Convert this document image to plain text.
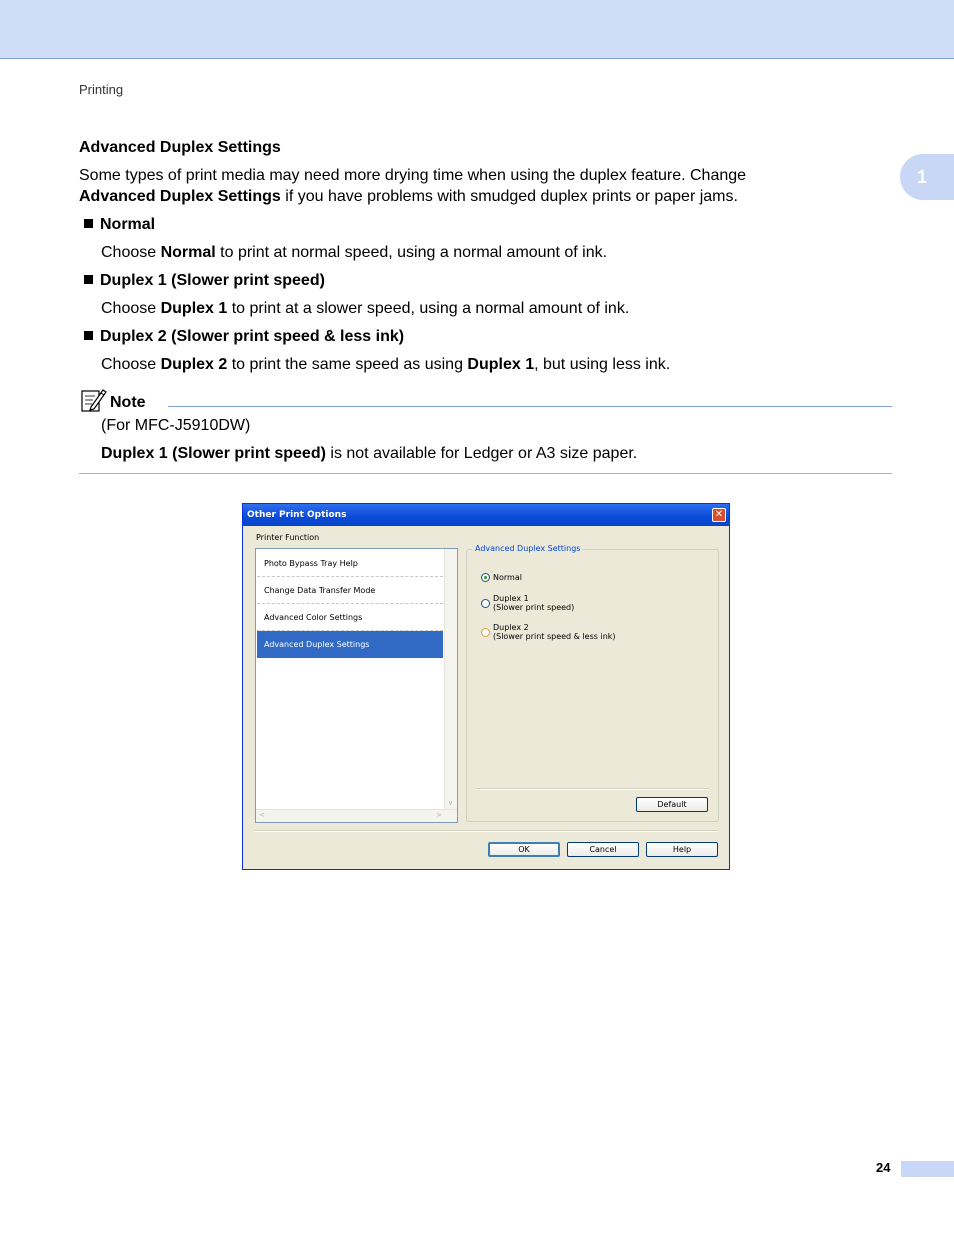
Printing
1
Advanced Duplex Settings
Some types of print media may need more drying time when using the duplex feature. Change
Advanced Duplex Settings if you have problems with smudged duplex prints or paper jams.
Normal
Choose Normal to print at normal speed, using a normal amount of ink.
Duplex 1 (Slower print speed)
Choose Duplex 1 to print at a slower speed, using a normal amount of ink.
Duplex 2 (Slower print speed & less ink)
Choose Duplex 2 to print the same speed as using Duplex 1, but using less ink.
Note
(For MFC-J5910DW)
Duplex 1 (Slower print speed) is not available for Ledger or A3 size paper.
Other Print Options	✕
Printer Function
Photo Bypass Tray Help
Change Data Transfer Mode
Advanced Color Settings
Advanced Duplex Settings
∨
<	>
Advanced Duplex Settings
Normal
Duplex 1
(Slower print speed)
Duplex 2
(Slower print speed & less ink)
Default
OK	Cancel	Help
24
